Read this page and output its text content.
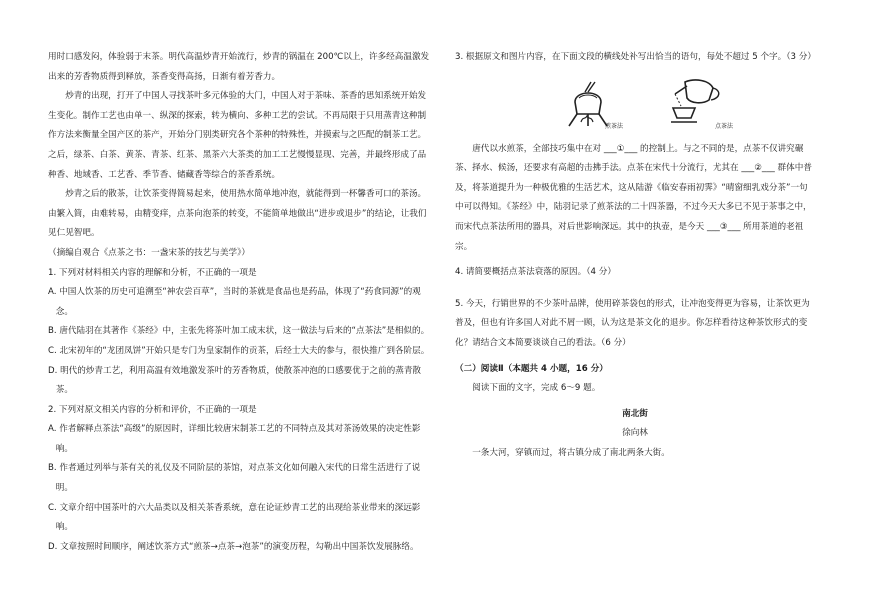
用时口感发闷，体验弱于末茶。明代高温炒青开始流行，炒青的锅温在 200℃以上，许多经高温激发出来的芳香物质得到释放，茶香变得高扬，日渐有着芳香力。

炒青的出现，打开了中国人寻找茶叶多元体验的大门，中国人对于茶味、茶香的思知系统开始发生变化。制作工艺也由单一、纵深的探索，转为横向、多种工艺的尝试。不再局限于只用蒸青这种制作方法来衡量全国产区的茶产，开始分门别类研究各个茶种的特殊性，并摸索与之匹配的制茶工艺。之后，绿茶、白茶、黄茶、青茶、红茶、黑茶六大茶类的加工工艺慢慢显现、完善，并最终形成了品种香、地域香、工艺香、季节香、储藏香等综合的茶香系统。

炒青之后的散茶，让饮茶变得简易起来，使用热水简单地冲泡，就能得到一杯馨香可口的茶汤。由繁入简，由难转易，由精变痒，点茶向泡茶的转变，不能简单地做出“进步或退步”的结论，让我们见仁见智吧。

（摘编自观合《点茶之书：一盏宋茶的技艺与美学》）

1. 下列对材料相关内容的理解和分析，不正确的一项是

A. 中国人饮茶的历史可追溯至“神农尝百草”，当时的茶就是食品也是药品，体现了“药食同源”的观念。

B. 唐代陆羽在其著作《茶经》中，主张先将茶叶加工成末状，这一做法与后来的“点茶法”是相似的。

C. 北宋初年的“龙团凤饼”开始只是专门为皇家制作的贡茶，后经士大夫的参与，很快推广到各阶层。

D. 明代的炒青工艺，利用高温有效地激发茶叶的芳香物质，使散茶冲泡的口感要优于之前的蒸青散茶。

2. 下列对原文相关内容的分析和评价，不正确的一项是

A. 作者解释点茶法“高级”的原因时，详细比较唐宋制茶工艺的不同特点及其对茶汤效果的决定性影响。

B. 作者通过列举与茶有关的礼仪及不同阶层的茶馆，对点茶文化如何融入宋代的日常生活进行了说明。

C. 文章介绍中国茶叶的六大品类以及相关茶香系统，意在论证炒青工艺的出现给茶业带来的深远影响。

D. 文章按照时间顺序，阐述饮茶方式“煎茶→点茶→泡茶”的演变历程，勾勒出中国茶饮发展脉络。

3. 根据原文和图片内容，在下面文段的横线处补写出恰当的语句，每处不超过 5 个字。（3 分）

煎茶法	点茶法

唐代以水煎茶，全部技巧集中在对 ___①___ 的控制上。与之不同的是，点茶不仅讲究碾茶、择水、候汤，还要求有高超的击拂手法。点茶在宋代十分流行，尤其在 ___②___ 群体中普及，将茶道提升为一种极优雅的生活艺术，这从陆游《临安春雨初霁》“晴窗细乳戏分茶”一句中可以得知。《茶经》中，陆羽记录了煎茶法的二十四茶器，不过今天大多已不见于茶事之中，而宋代点茶法所用的器具，对后世影响深远。其中的执壶，是今天 ___③___ 所用茶道的老祖宗。

4. 请简要概括点茶法衰落的原因。（4 分）

5. 今天，行销世界的不少茶叶品牌，使用碎茶袋包的形式，让冲泡变得更为容易，让茶饮更为普及，但也有许多国人对此不屑一顾，认为这是茶文化的退步。你怎样看待这种茶饮形式的变化？请结合文本简要谈谈自己的看法。（6 分）

（二）阅读Ⅱ（本题共 4 小题，16 分）

阅读下面的文字，完成 6～9 题。

南北街

徐向林

一条大河，穿镇而过，将古镇分成了南北两条大街。
